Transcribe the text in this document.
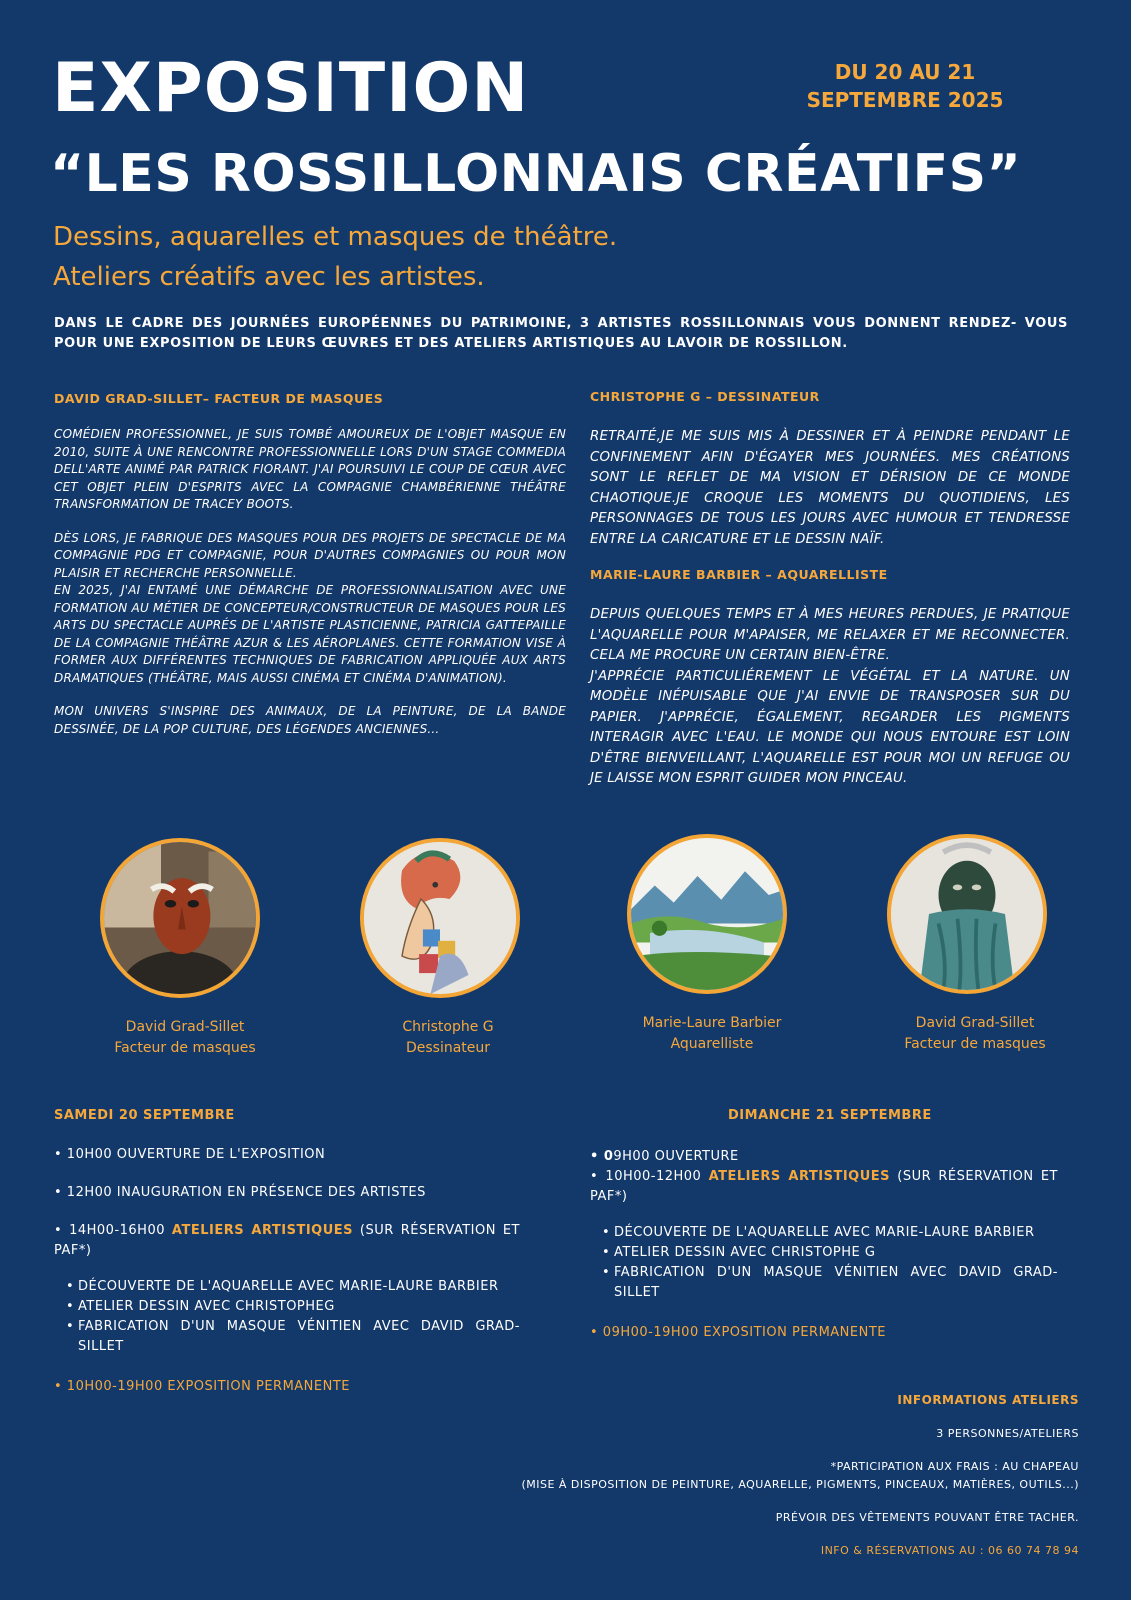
EXPOSITION
“LES ROSSILLONNAIS CRÉATIFS”
DU 20 AU 21
SEPTEMBRE 2025
Dessins, aquarelles et masques de théâtre.
Ateliers créatifs avec les artistes.
DANS LE CADRE DES JOURNÉES EUROPÉENNES DU PATRIMOINE, 3 ARTISTES ROSSILLONNAIS VOUS DONNENT RENDEZ- VOUS POUR UNE EXPOSITION DE LEURS ŒUVRES ET DES ATELIERS ARTISTIQUES AU LAVOIR DE ROSSILLON.
DAVID GRAD-SILLET– FACTEUR DE MASQUES

COMÉDIEN PROFESSIONNEL, JE SUIS TOMBÉ AMOUREUX DE L'OBJET MASQUE EN 2010, SUITE À UNE RENCONTRE PROFESSIONNELLE LORS D'UN STAGE COMMEDIA DELL'ARTE ANIMÉ PAR PATRICK FIORANT. J'AI POURSUIVI LE COUP DE CŒUR AVEC CET OBJET PLEIN D'ESPRITS AVEC LA COMPAGNIE CHAMBÉRIENNE THÉÂTRE TRANSFORMATION DE TRACEY BOOTS.

DÈS LORS, JE FABRIQUE DES MASQUES POUR DES PROJETS DE SPECTACLE DE MA COMPAGNIE PDG ET COMPAGNIE, POUR D'AUTRES COMPAGNIES OU POUR MON PLAISIR ET RECHERCHE PERSONNELLE.

EN 2025, J'AI ENTAMÉ UNE DÉMARCHE DE PROFESSIONNALISATION AVEC UNE FORMATION AU MÉTIER DE CONCEPTEUR/CONSTRUCTEUR DE MASQUES POUR LES ARTS DU SPECTACLE AUPRÉS DE L'ARTISTE PLASTICIENNE, PATRICIA GATTEPAILLE DE LA COMPAGNIE THÉÂTRE AZUR & LES AÉROPLANES. CETTE FORMATION VISE À FORMER AUX DIFFÉRENTES TECHNIQUES DE FABRICATION APPLIQUÉE AUX ARTS DRAMATIQUES (THÉÂTRE, MAIS AUSSI CINÉMA ET CINÉMA D'ANIMATION).

MON UNIVERS S'INSPIRE DES ANIMAUX, DE LA PEINTURE, DE LA BANDE DESSINÉE, DE LA POP CULTURE, DES LÉGENDES ANCIENNES...

CHRISTOPHE G – DESSINATEUR

RETRAITÉ,JE ME SUIS MIS À DESSINER ET À PEINDRE PENDANT LE CONFINEMENT AFIN D'ÉGAYER MES JOURNÉES. MES CRÉATIONS SONT LE REFLET DE MA VISION ET DÉRISION DE CE MONDE CHAOTIQUE.JE CROQUE LES MOMENTS DU QUOTIDIENS, LES PERSONNAGES DE TOUS LES JOURS AVEC HUMOUR ET TENDRESSE ENTRE LA CARICATURE ET LE DESSIN NAÏF.

MARIE-LAURE BARBIER – AQUARELLISTE

DEPUIS QUELQUES TEMPS ET À MES HEURES PERDUES, JE PRATIQUE L'AQUARELLE POUR M'APAISER, ME RELAXER ET ME RECONNECTER. CELA ME PROCURE UN CERTAIN BIEN-ÊTRE.

J'APPRÉCIE PARTICULIÉREMENT LE VÉGÉTAL ET LA NATURE. UN MODÈLE INÉPUISABLE QUE J'AI ENVIE DE TRANSPOSER SUR DU PAPIER. J'APPRÉCIE, ÉGALEMENT, REGARDER LES PIGMENTS INTERAGIR AVEC L'EAU. LE MONDE QUI NOUS ENTOURE EST LOIN D'ÊTRE BIENVEILLANT, L'AQUARELLE EST POUR MOI UN REFUGE OU JE LAISSE MON ESPRIT GUIDER MON PINCEAU.

David Grad-Sillet
Facteur de masques
Christophe G
Dessinateur
Marie-Laure Barbier
Aquarelliste
David Grad-Sillet
Facteur de masques
SAMEDI 20 SEPTEMBRE

• 10H00 OUVERTURE DE L'EXPOSITION

• 12H00 INAUGURATION EN PRÉSENCE DES ARTISTES

• 14H00-16H00 ATELIERS ARTISTIQUES (SUR RÉSERVATION ET PAF*)

• DÉCOUVERTE DE L'AQUARELLE AVEC MARIE-LAURE BARBIER
• ATELIER DESSIN AVEC CHRISTOPHEG
• FABRICATION D'UN MASQUE VÉNITIEN AVEC DAVID GRAD-SILLET

• 10H00-19H00 EXPOSITION PERMANENTE

DIMANCHE 21 SEPTEMBRE

• 09H00 OUVERTURE

• 10H00-12H00 ATELIERS ARTISTIQUES (SUR RÉSERVATION ET PAF*)

• DÉCOUVERTE DE L'AQUARELLE AVEC MARIE-LAURE BARBIER
• ATELIER DESSIN AVEC CHRISTOPHE G
• FABRICATION D'UN MASQUE VÉNITIEN AVEC DAVID GRAD-SILLET

• 09H00-19H00 EXPOSITION PERMANENTE

INFORMATIONS ATELIERS
3 PERSONNES/ATELIERS
*PARTICIPATION AUX FRAIS : AU CHAPEAU
(MISE À DISPOSITION DE PEINTURE, AQUARELLE, PIGMENTS, PINCEAUX, MATIÈRES, OUTILS...)
PRÉVOIR DES VÊTEMENTS POUVANT ÊTRE TACHER.
INFO & RÉSERVATIONS AU : 06 60 74 78 94
